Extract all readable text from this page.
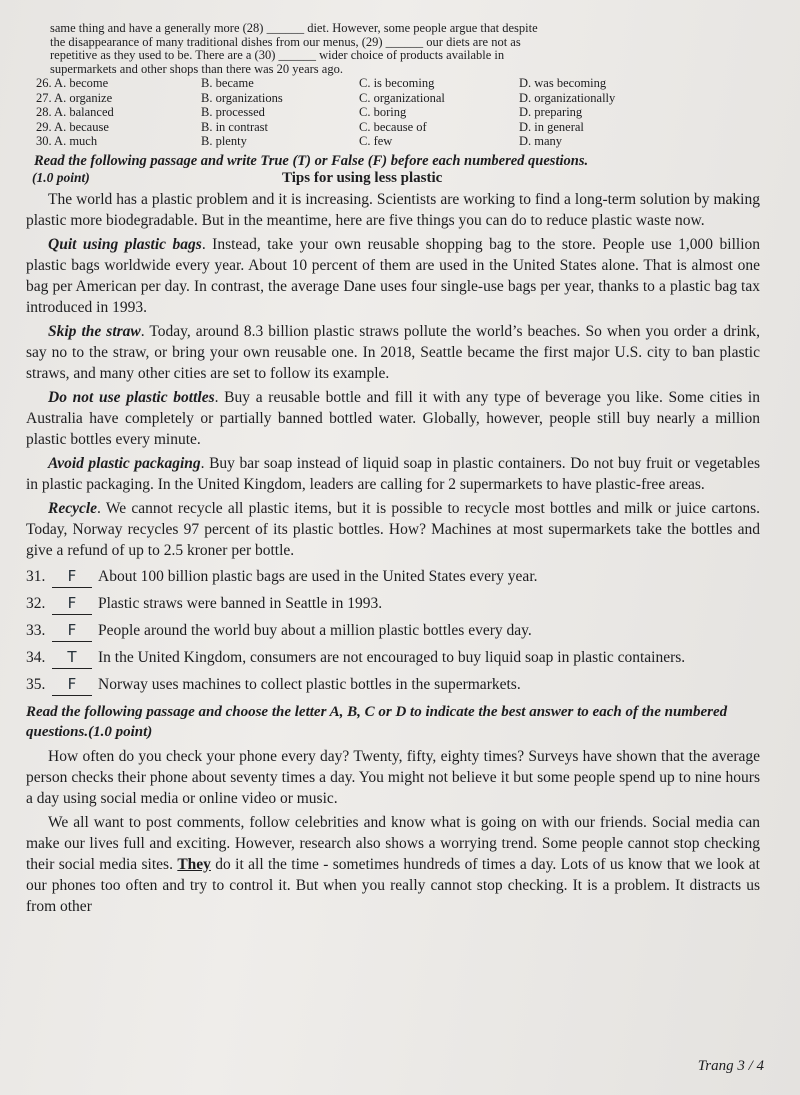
same thing and have a generally more (28) ______ diet. However, some people argue that despite

the disappearance of many traditional dishes from our menus, (29) ______ our diets are not as

repetitive as they used to be. There are a (30) ______ wider choice of products available in

supermarkets and other shops than there was 20 years ago.

26. A. become	B. became	C. is becoming	D. was becoming
27. A. organize	B. organizations	C. organizational	D. organizationally
28. A. balanced	B. processed	C. boring	D. preparing
29. A. because	B. in contrast	C. because of	D. in general
30. A. much	B. plenty	C. few	D. many
Read the following passage and write True (T) or False (F) before each numbered questions.
(1.0 point)	Tips for using less plastic

The world has a plastic problem and it is increasing. Scientists are working to find a long-term solution by making plastic more biodegradable. But in the meantime, here are five things you can do to reduce plastic waste now.

Quit using plastic bags. Instead, take your own reusable shopping bag to the store. People use 1,000 billion plastic bags worldwide every year. About 10 percent of them are used in the United States alone. That is almost one bag per American per day. In contrast, the average Dane uses four single-use bags per year, thanks to a plastic bag tax introduced in 1993.

Skip the straw. Today, around 8.3 billion plastic straws pollute the world’s beaches. So when you order a drink, say no to the straw, or bring your own reusable one. In 2018, Seattle became the first major U.S. city to ban plastic straws, and many other cities are set to follow its example.

Do not use plastic bottles. Buy a reusable bottle and fill it with any type of beverage you like. Some cities in Australia have completely or partially banned bottled water. Globally, however, people still buy nearly a million plastic bottles every minute.

Avoid plastic packaging. Buy bar soap instead of liquid soap in plastic containers. Do not buy fruit or vegetables in plastic packaging. In the United Kingdom, leaders are calling for 2 supermarkets to have plastic-free areas.

Recycle. We cannot recycle all plastic items, but it is possible to recycle most bottles and milk or juice cartons. Today, Norway recycles 97 percent of its plastic bottles. How? Machines at most supermarkets take the bottles and give a refund of up to 2.5 kroner per bottle.

31.	F	About 100 billion plastic bags are used in the United States every year.
32.	F	Plastic straws were banned in Seattle in 1993.
33.	F	People around the world buy about a million plastic bottles every day.
34.	T	In the United Kingdom, consumers are not encouraged to buy liquid soap in plastic containers.
35.	F	Norway uses machines to collect plastic bottles in the supermarkets.
Read the following passage and choose the letter A, B, C or D to indicate the best answer to each of the numbered questions.(1.0 point)

How often do you check your phone every day? Twenty, fifty, eighty times? Surveys have shown that the average person checks their phone about seventy times a day. You might not believe it but some people spend up to nine hours a day using social media or online video or music.

We all want to post comments, follow celebrities and know what is going on with our friends. Social media can make our lives full and exciting. However, research also shows a worrying trend. Some people cannot stop checking their social media sites. They do it all the time - sometimes hundreds of times a day. Lots of us know that we look at our phones too often and try to control it. But when you really cannot stop checking. It is a problem. It distracts us from other

Trang 3 / 4
